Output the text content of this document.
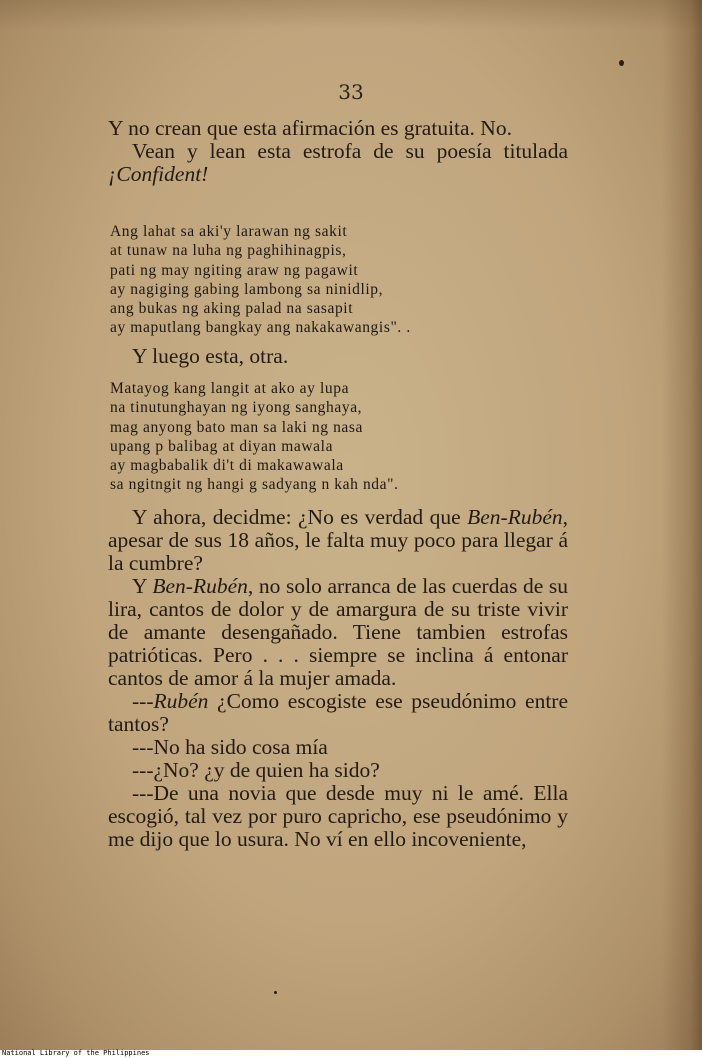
33

Y no crean que esta afirmación es gratuita. No.

Vean y lean esta estrofa de su poesía titulada ¡Confident!

Ang lahat sa aki'y larawan ng sakit
at tunaw na luha ng paghihinagpis,
pati ng may ngiting araw ng pagawit
ay nagiging gabing lambong sa ninidlip,
ang bukas ng aking palad na sasapit
ay maputlang bangkay ang nakakawangis". .

Y luego esta, otra.

Matayog kang langit at ako ay lupa
na tinutunghayan ng iyong sanghaya,
mag anyong bato man sa laki ng nasa
upang p balibag at diyan mawala
ay magbabalik di't di makawawala
sa ngitngit ng hangi g sadyang n kah nda".

Y ahora, decidme: ¿No es verdad que Ben-Rubén, apesar de sus 18 años, le falta muy poco para llegar á la cumbre?

Y Ben-Rubén, no solo arranca de las cuerdas de su lira, cantos de dolor y de amargura de su triste vivir de amante desengañado. Tiene tambien estrofas patrióticas. Pero . . . siempre se inclina á entonar cantos de amor á la mujer amada.

---Rubén ¿Como escogiste ese pseudónimo entre tantos?

---No ha sido cosa mía

---¿No? ¿y de quien ha sido?

---De una novia que desde muy ni le amé. Ella escogió, tal vez por puro capricho, ese pseudónimo y me dijo que lo usura. No ví en ello incoveniente,

National Library of the Philippines
